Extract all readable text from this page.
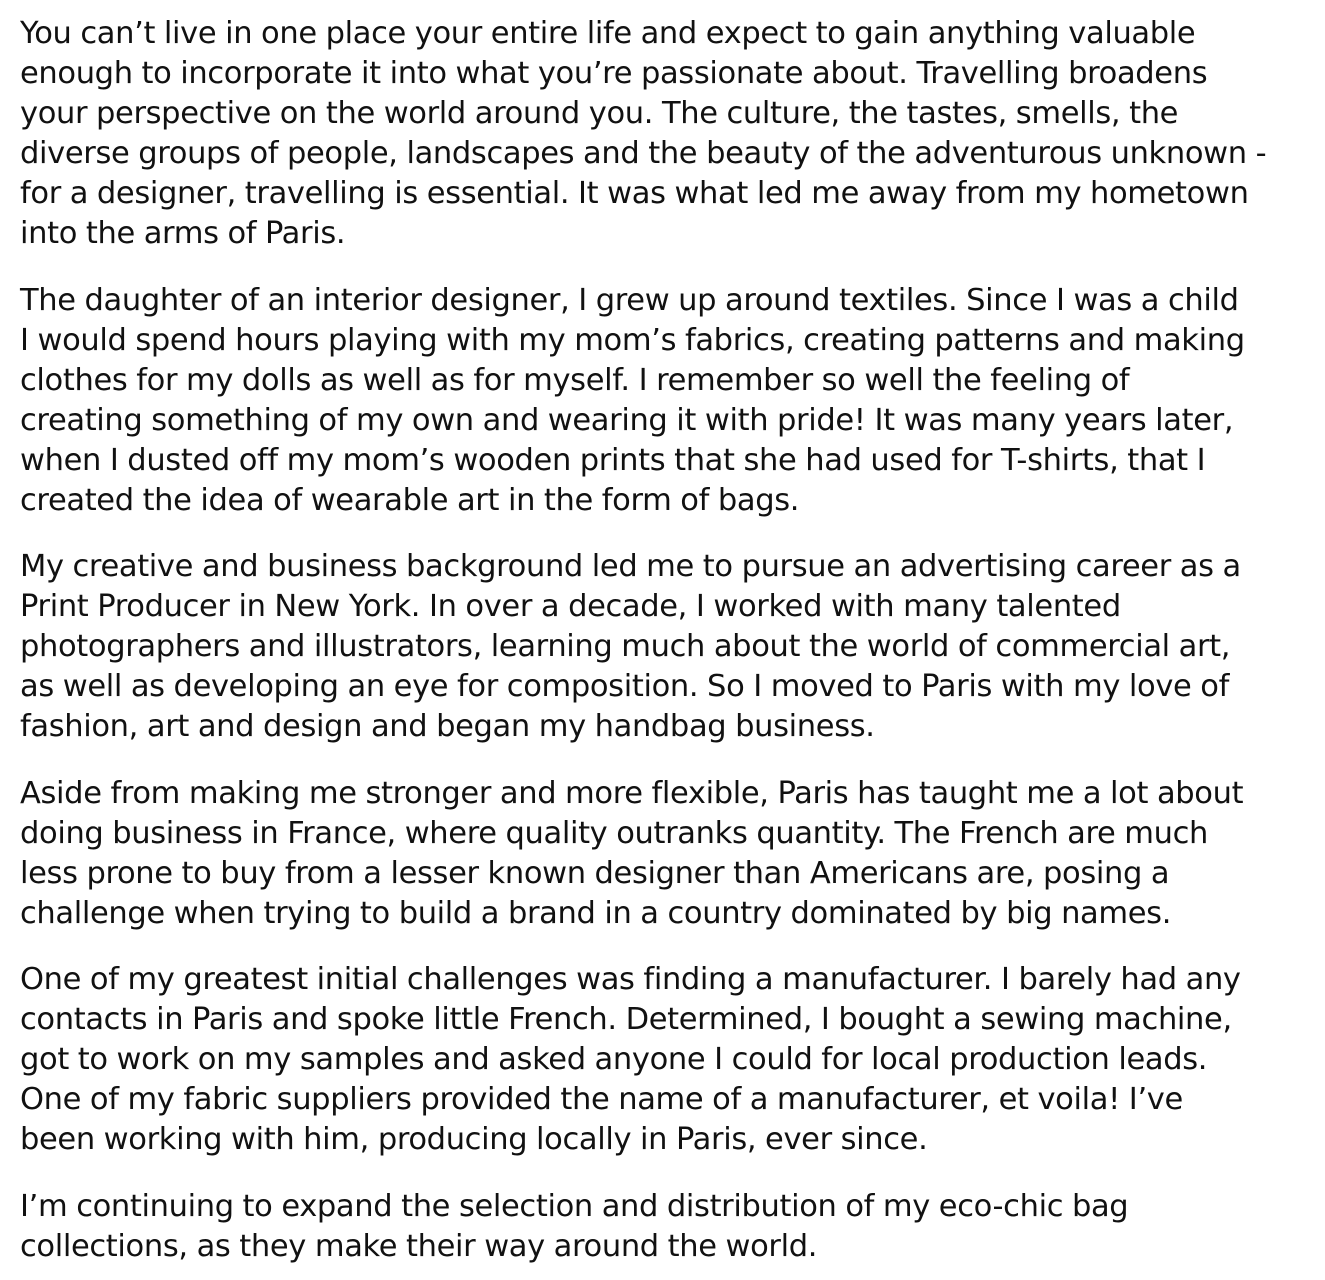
You can’t live in one place your entire life and expect to gain anything valuable
enough to incorporate it into what you’re passionate about. Travelling broadens
your perspective on the world around you. The culture, the tastes, smells, the
diverse groups of people, landscapes and the beauty of the adventurous unknown -
for a designer, travelling is essential. It was what led me away from my hometown
into the arms of Paris.

The daughter of an interior designer, I grew up around textiles. Since I was a child
I would spend hours playing with my mom’s fabrics, creating patterns and making
clothes for my dolls as well as for myself. I remember so well the feeling of
creating something of my own and wearing it with pride! It was many years later,
when I dusted off my mom’s wooden prints that she had used for T-shirts, that I
created the idea of wearable art in the form of bags.

My creative and business background led me to pursue an advertising career as a
Print Producer in New York. In over a decade, I worked with many talented
photographers and illustrators, learning much about the world of commercial art,
as well as developing an eye for composition. So I moved to Paris with my love of
fashion, art and design and began my handbag business.

Aside from making me stronger and more flexible, Paris has taught me a lot about
doing business in France, where quality outranks quantity. The French are much
less prone to buy from a lesser known designer than Americans are, posing a
challenge when trying to build a brand in a country dominated by big names.

One of my greatest initial challenges was finding a manufacturer. I barely had any
contacts in Paris and spoke little French. Determined, I bought a sewing machine,
got to work on my samples and asked anyone I could for local production leads.
One of my fabric suppliers provided the name of a manufacturer, et voila! I’ve
been working with him, producing locally in Paris, ever since.

I’m continuing to expand the selection and distribution of my eco-chic bag
collections, as they make their way around the world.
